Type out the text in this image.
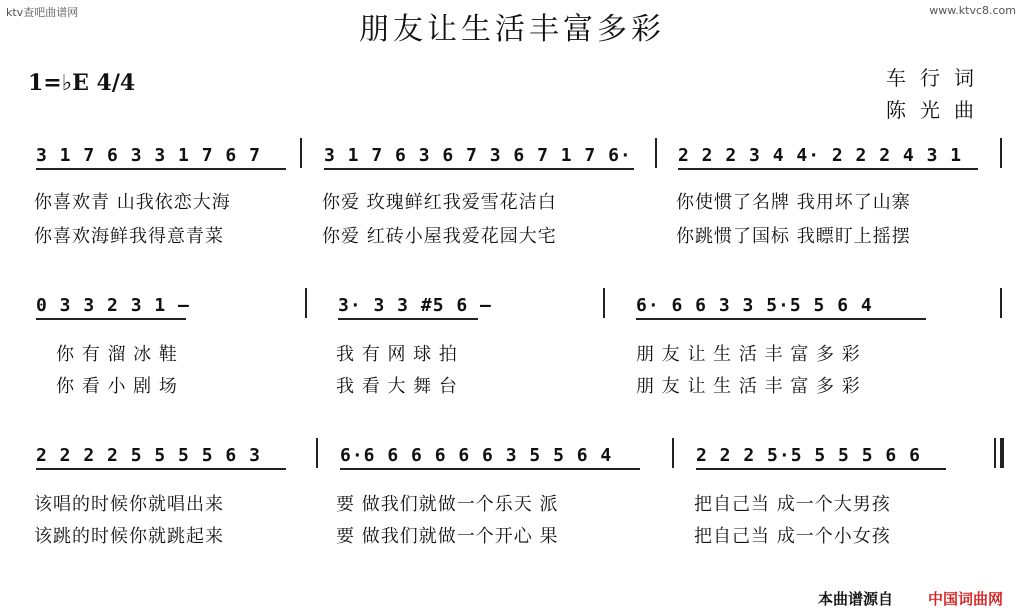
ktv查吧曲谱网	www.ktvc8.com
朋友让生活丰富多彩
车行词
陈光曲
1=♭E 4/4
3 1 7 6 3 3 1 7 6 7	3 1 7 6 3 6 7 3 6 7 1 7 6·	2 2 2 3 4 4· 2 2 2 4 3 1
你喜欢青 山我依恋大海	你爱 玫瑰鲜红我爱雪花洁白	你使惯了名牌 我用坏了山寨
你喜欢海鲜我得意青菜	你爱 红砖小屋我爱花园大宅	你跳惯了国标 我瞟盯上摇摆
0 3 3 2 3 1 –	3· 3 3 #5 6 –	6· 6 6 3 3 5·5 5 6 4
你 有 溜 冰 鞋	我 有 网 球 拍	朋 友 让 生 活 丰 富 多 彩
你 看 小 剧 场	我 看 大 舞 台	朋 友 让 生 活 丰 富 多 彩
2 2 2 2 5 5 5 5 6 3	6·6 6 6 6 6 6 3 5 5 6 4	2 2 2 5·5 5 5 5 6 6
该唱的时候你就唱出来	要 做我们就做一个乐天 派	把自己当 成一个大男孩
该跳的时候你就跳起来	要 做我们就做一个开心 果	把自己当 成一个小女孩
本曲谱源自 中国词曲网
